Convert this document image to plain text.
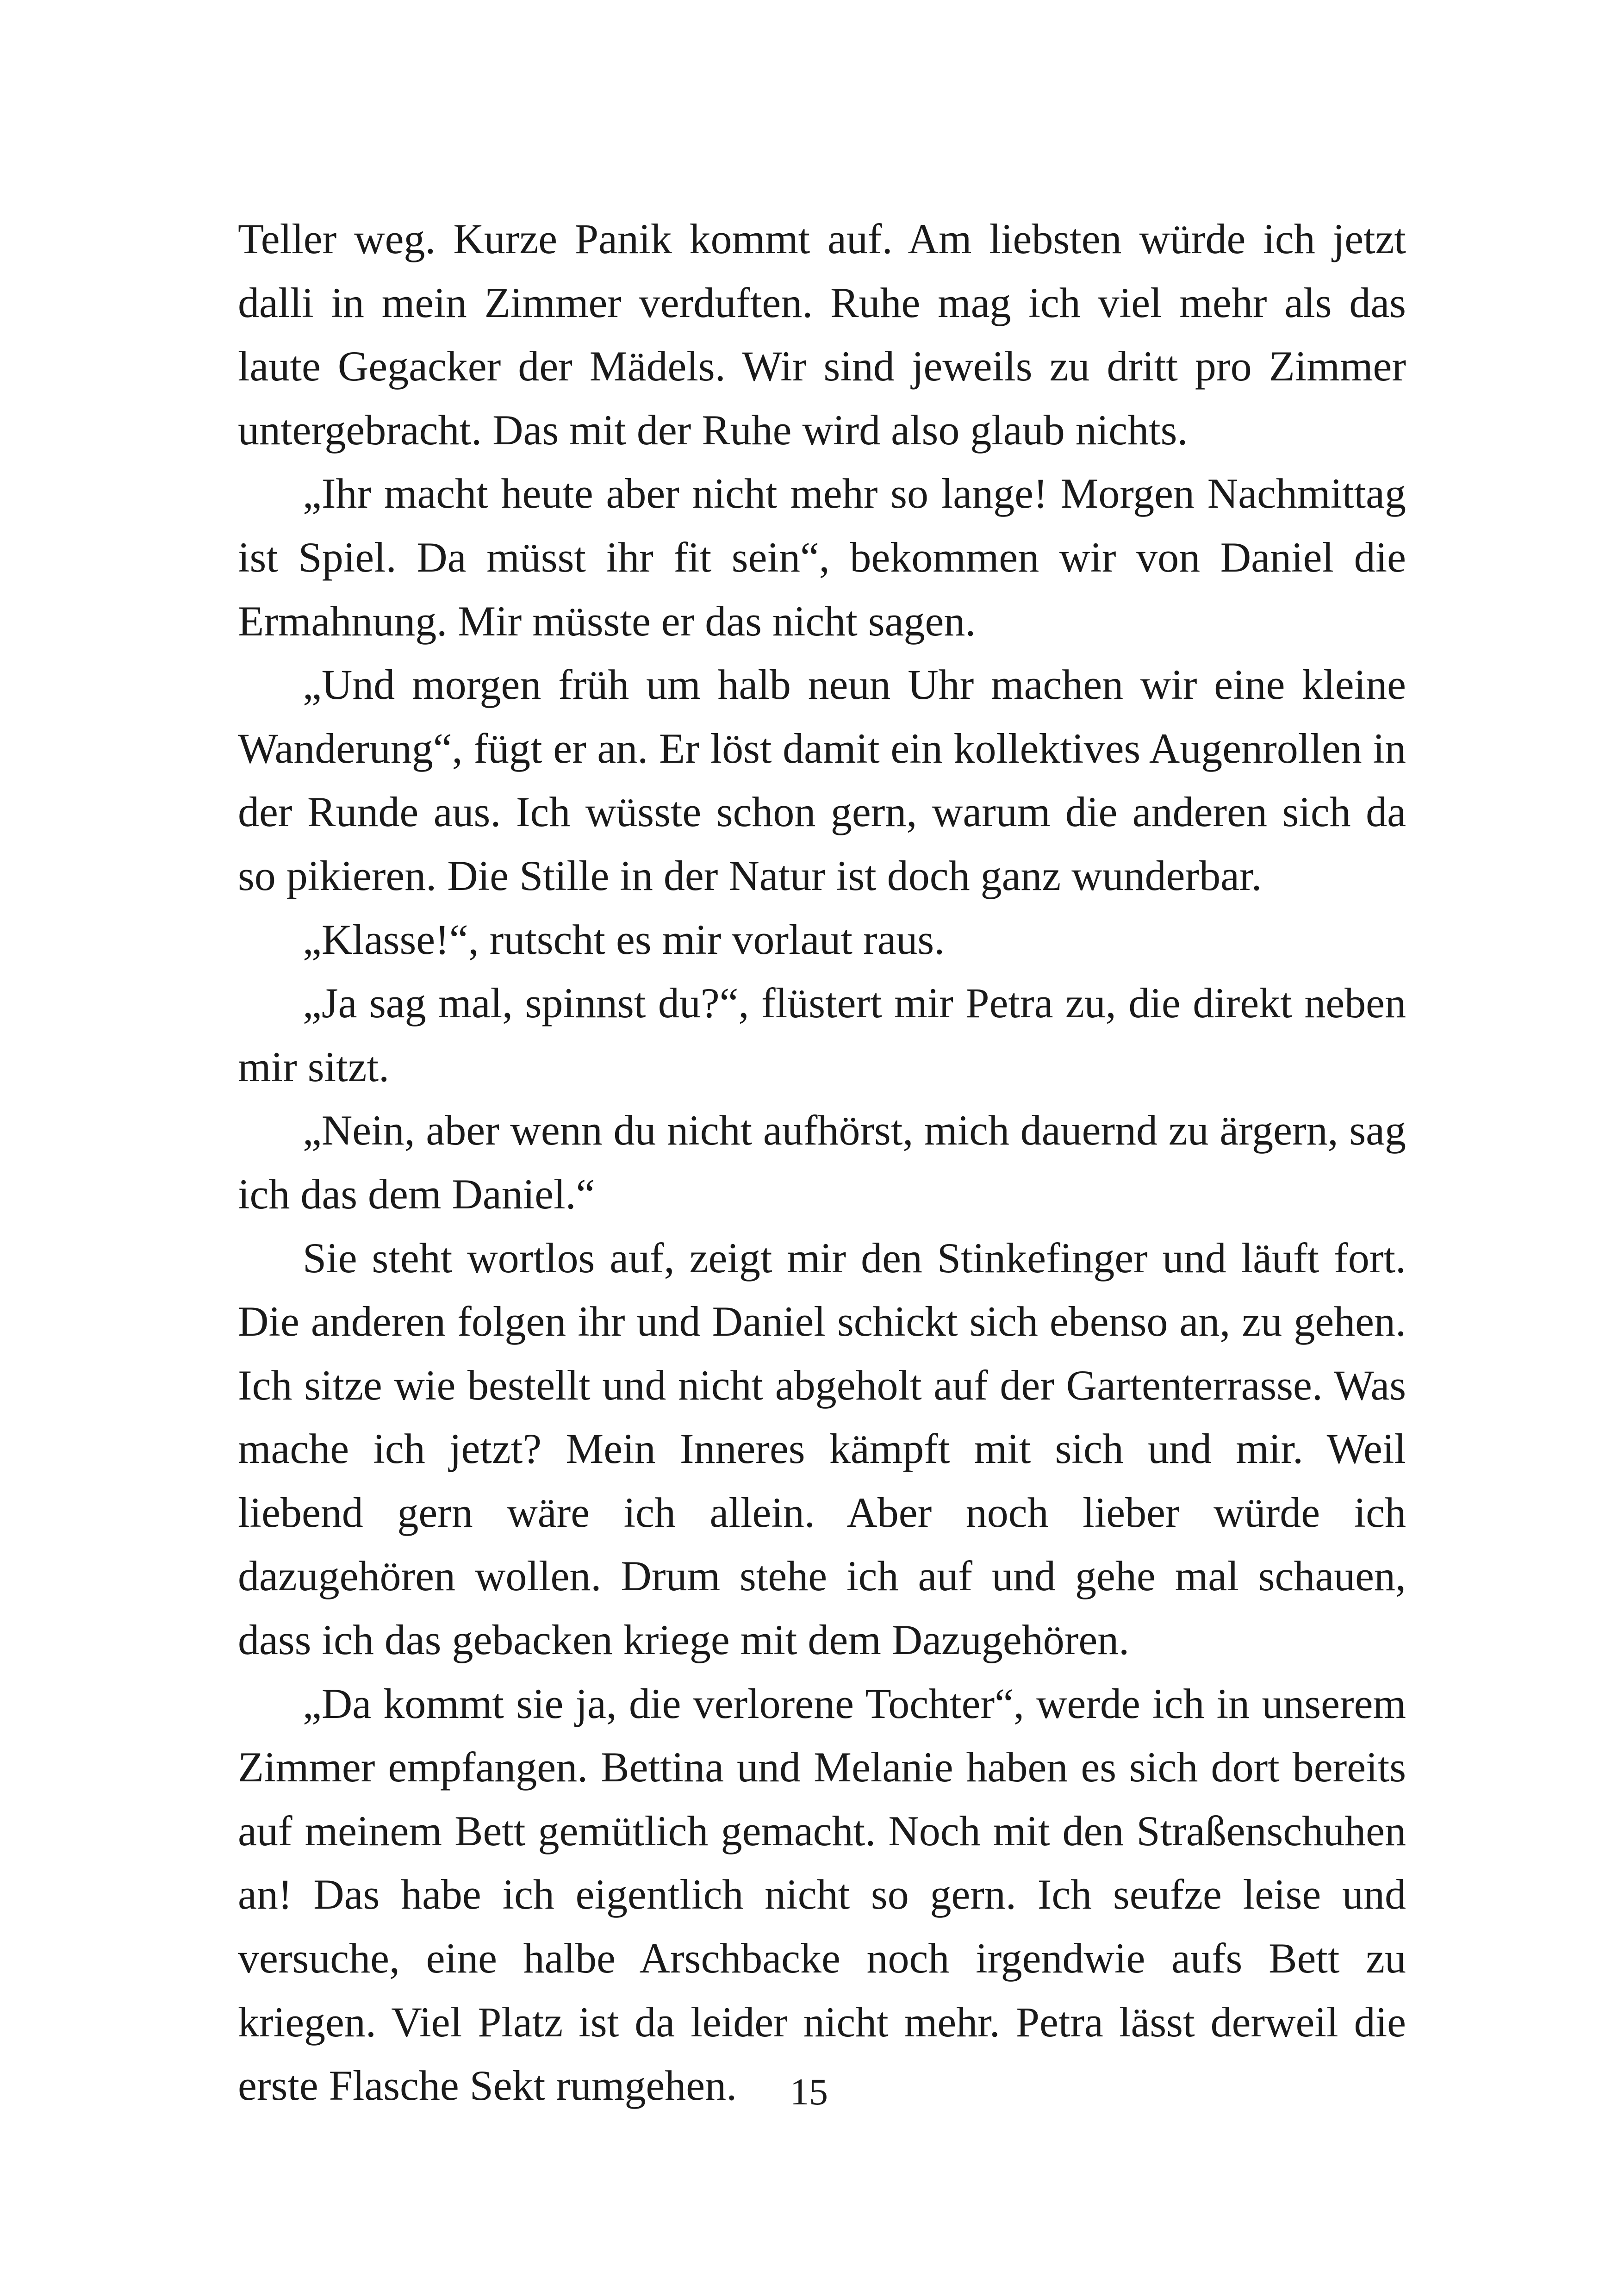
Teller weg. Kurze Panik kommt auf. Am liebsten würde ich jetzt dalli in mein Zimmer verduften. Ruhe mag ich viel mehr als das laute Gegacker der Mädels. Wir sind jeweils zu dritt pro Zimmer untergebracht. Das mit der Ruhe wird also glaub nichts.

„Ihr macht heute aber nicht mehr so lange! Morgen Nachmittag ist Spiel. Da müsst ihr fit sein“, bekommen wir von Daniel die Ermahnung. Mir müsste er das nicht sagen.

„Und morgen früh um halb neun Uhr machen wir eine kleine Wanderung“, fügt er an. Er löst damit ein kollektives Augenrollen in der Runde aus. Ich wüsste schon gern, warum die anderen sich da so pikieren. Die Stille in der Natur ist doch ganz wunderbar.

„Klasse!“, rutscht es mir vorlaut raus.

„Ja sag mal, spinnst du?“, flüstert mir Petra zu, die direkt neben mir sitzt.

„Nein, aber wenn du nicht aufhörst, mich dauernd zu ärgern, sag ich das dem Daniel.“

Sie steht wortlos auf, zeigt mir den Stinkefinger und läuft fort. Die anderen folgen ihr und Daniel schickt sich ebenso an, zu gehen. Ich sitze wie bestellt und nicht abgeholt auf der Gartenterrasse. Was mache ich jetzt? Mein Inneres kämpft mit sich und mir. Weil liebend gern wäre ich allein. Aber noch lieber würde ich dazugehören wollen. Drum stehe ich auf und gehe mal schauen, dass ich das gebacken kriege mit dem Dazugehören.

„Da kommt sie ja, die verlorene Tochter“, werde ich in unserem Zimmer empfangen. Bettina und Melanie haben es sich dort bereits auf meinem Bett gemütlich gemacht. Noch mit den Straßenschuhen an! Das habe ich eigentlich nicht so gern. Ich seufze leise und versuche, eine halbe Arschbacke noch irgendwie aufs Bett zu kriegen. Viel Platz ist da leider nicht mehr. Petra lässt derweil die erste Flasche Sekt rumgehen.	15
